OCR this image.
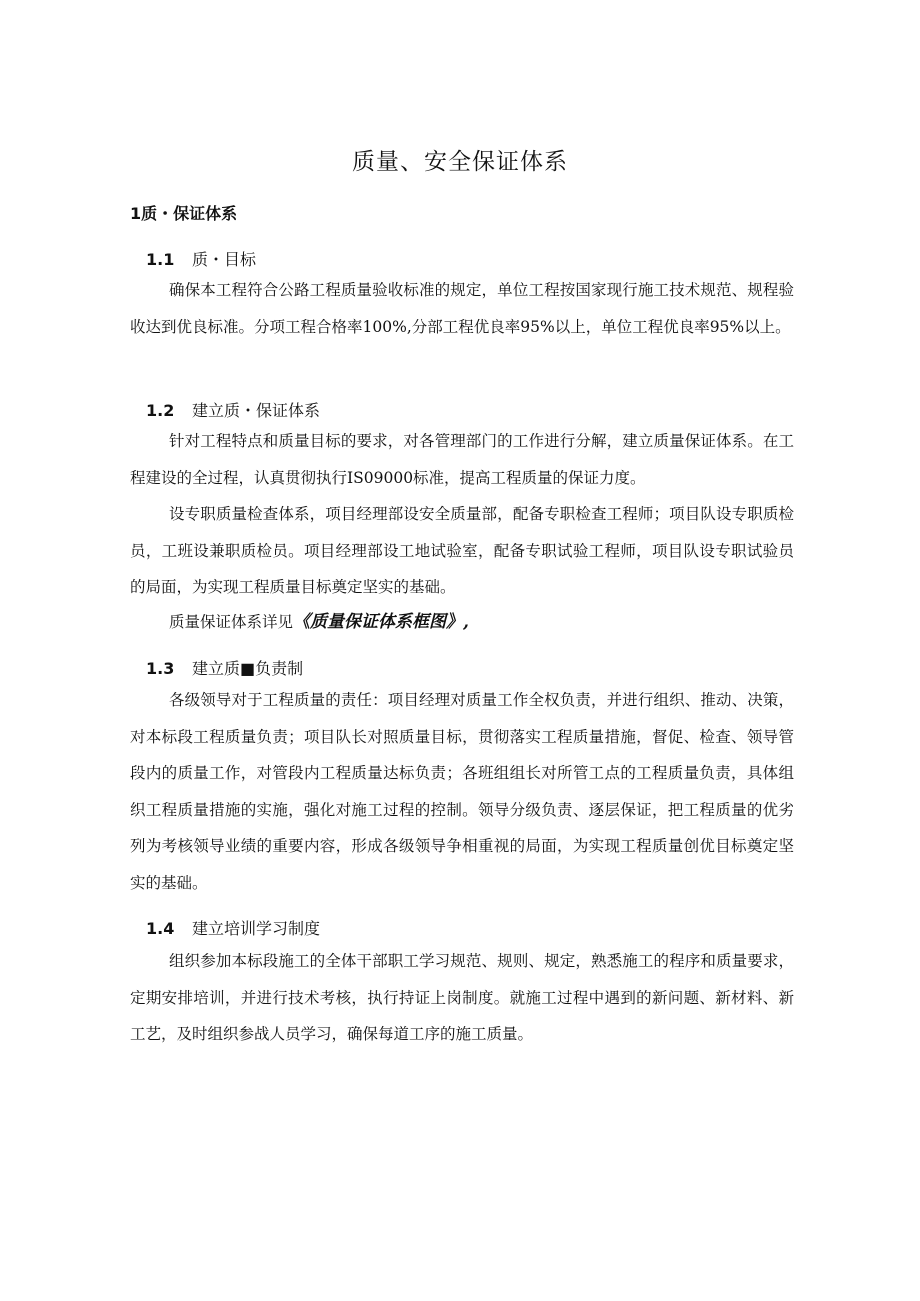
质量、安全保证体系
1质・保证体系
1.1 质・目标

确保本工程符合公路工程质量验收标准的规定，单位工程按国家现行施工技术规范、规程验收达到优良标准。分项工程合格率100%,分部工程优良率95%以上，单位工程优良率95%以上。

1.2 建立质・保证体系

针对工程特点和质量目标的要求，对各管理部门的工作进行分解，建立质量保证体系。在工程建设的全过程，认真贯彻执行IS09000标准，提高工程质量的保证力度。

设专职质量检查体系，项目经理部设安全质量部，配备专职检查工程师；项目队设专职质检员，工班设兼职质检员。项目经理部设工地试验室，配备专职试验工程师，项目队设专职试验员的局面，为实现工程质量目标奠定坚实的基础。

质量保证体系详见《质量保证体系框图》,

1.3 建立质■负责制

各级领导对于工程质量的责任：项目经理对质量工作全权负责，并进行组织、推动、决策，对本标段工程质量负责；项目队长对照质量目标，贯彻落实工程质量措施，督促、检查、领导管段内的质量工作，对管段内工程质量达标负责；各班组组长对所管工点的工程质量负责，具体组织工程质量措施的实施，强化对施工过程的控制。领导分级负责、逐层保证，把工程质量的优劣列为考核领导业绩的重要内容，形成各级领导争相重视的局面，为实现工程质量创优目标奠定坚实的基础。

1.4 建立培训学习制度

组织参加本标段施工的全体干部职工学习规范、规则、规定，熟悉施工的程序和质量要求，定期安排培训，并进行技术考核，执行持证上岗制度。就施工过程中遇到的新问题、新材料、新工艺，及时组织参战人员学习，确保每道工序的施工质量。
